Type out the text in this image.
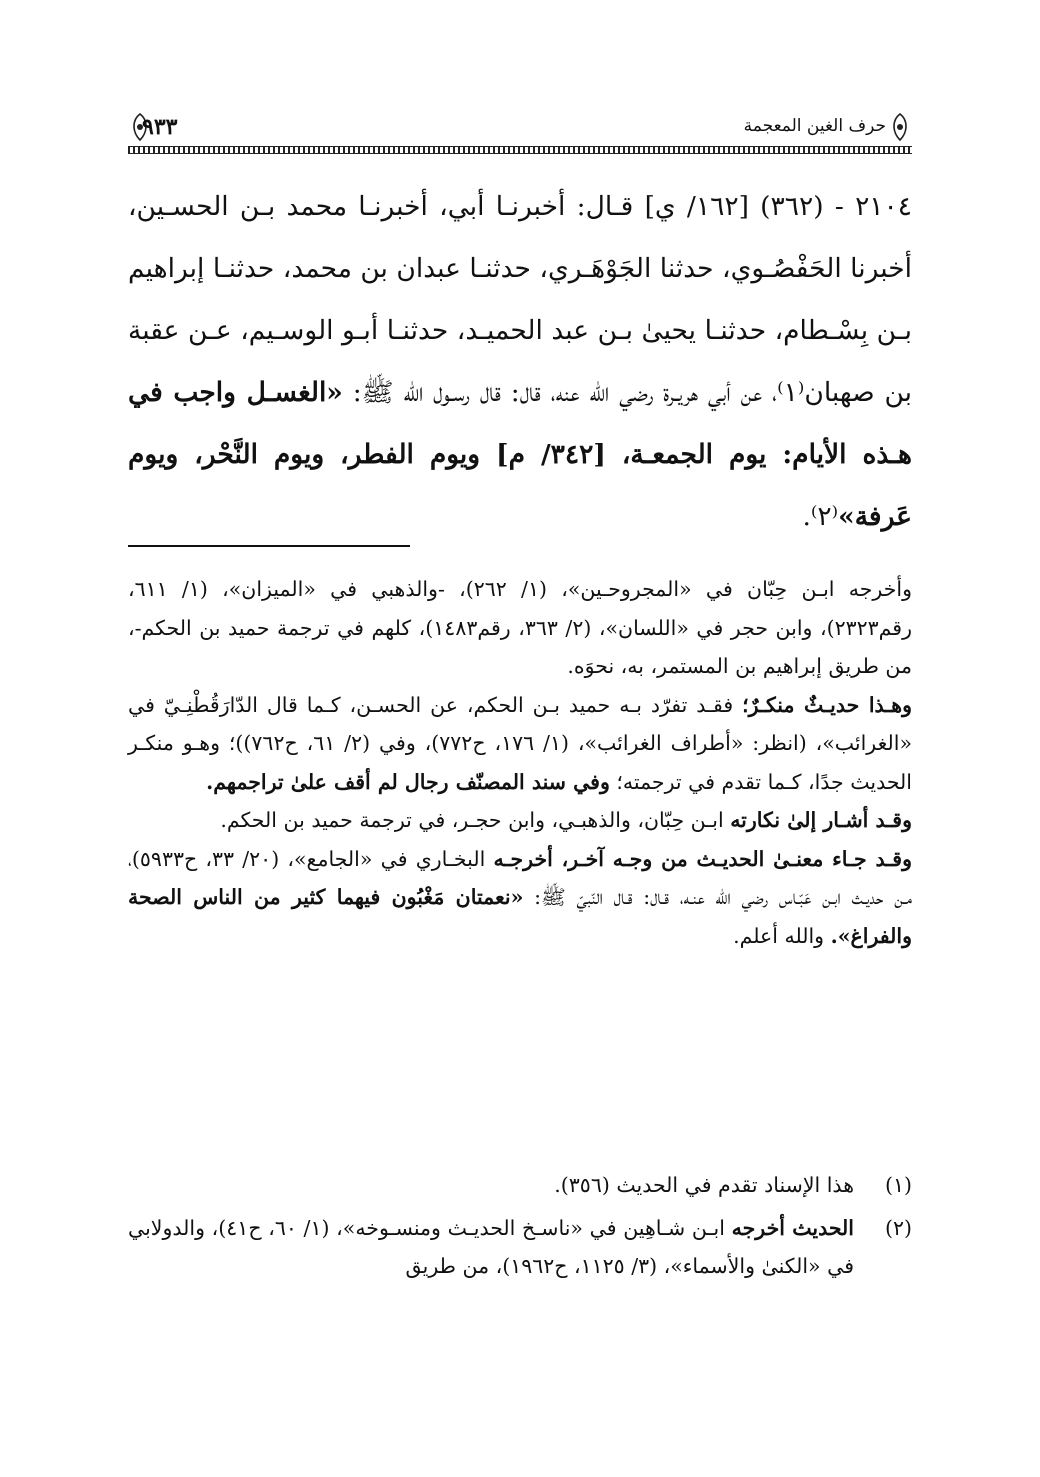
٩٣٣	حرف الغين المعجمة

٢١٠٤ - (٣٦٢) [١٦٢/ ي] قـال: أخبرنـا أبي، أخبرنـا محمد بـن الحسـين، أخبرنا الحَفْصُـوي، حدثنا الجَوْهَـري، حدثنـا عبدان بن محمد، حدثنـا إبراهيم بـن بِسْـطام، حدثنـا يحيىٰ بـن عبد الحميـد، حدثنـا أبـو الوسـيم، عـن عقبة بن صهبان⁽١⁾، عن أبي هريـرة رضي الله عنه، قال: قال رسـول الله ﷺ: «الغسـل واجب في هـذه الأيام: يوم الجمعـة، [٣٤٢/ م] ويوم الفطر، ويوم النَّحْر، ويوم عَرفة»⁽٢⁾.

وأخرجه ابـن حِبّان في «المجروحـين»، (١/ ٢٦٢)، -والذهبي في «الميزان»، (١/ ٦١١، رقم٢٣٢٣)، وابن حجر في «اللسان»، (٢/ ٣٦٣، رقم١٤٨٣)، كلهم في ترجمة حميد بن الحكم-، من طريق إبراهيم بن المستمر، به، نحوَه.

وهـذا حديـثٌ منكـرٌ؛ فقـد تفرّد بـه حميد بـن الحكم، عن الحسـن، كـما قال الدّارَقُطْنِـيّ في «الغرائب»، (انظر: «أطراف الغرائب»، (١/ ١٧٦، ح٧٧٢)، وفي (٢/ ٦١، ح٧٦٢))؛ وهـو منكـر الحديث جدًا، كـما تقدم في ترجمته؛ وفي سند المصنّف رجال لم أقف علىٰ تراجمهم.

وقـد أشـار إلىٰ نكارته ابـن حِبّان، والذهبـي، وابن حجـر، في ترجمة حميد بن الحكم.

وقـد جـاء معنـىٰ الحديـث من وجـه آخـر، أخرجـه البخـاري في «الجامع»، (٢٠/ ٣٣، ح٥٩٣٣)، مـن حديـث ابـن عَبّـاس رضي الله عنـه، قـال: قـال النّبيّ ﷺ: «نعمتان مَغْبُون فيهما كثير من الناس الصحة والفراغ». والله أعلم.

(١)
هذا الإسناد تقدم في الحديث (٣٥٦).
(٢)
الحديث أخرجه ابـن شـاهِين في «ناسـخ الحديـث ومنسـوخه»، (١/ ٦٠، ح٤١)، والدولابي في «الكنىٰ والأسماء»، (٣/ ١١٢٥، ح١٩٦٢)، من طريق
